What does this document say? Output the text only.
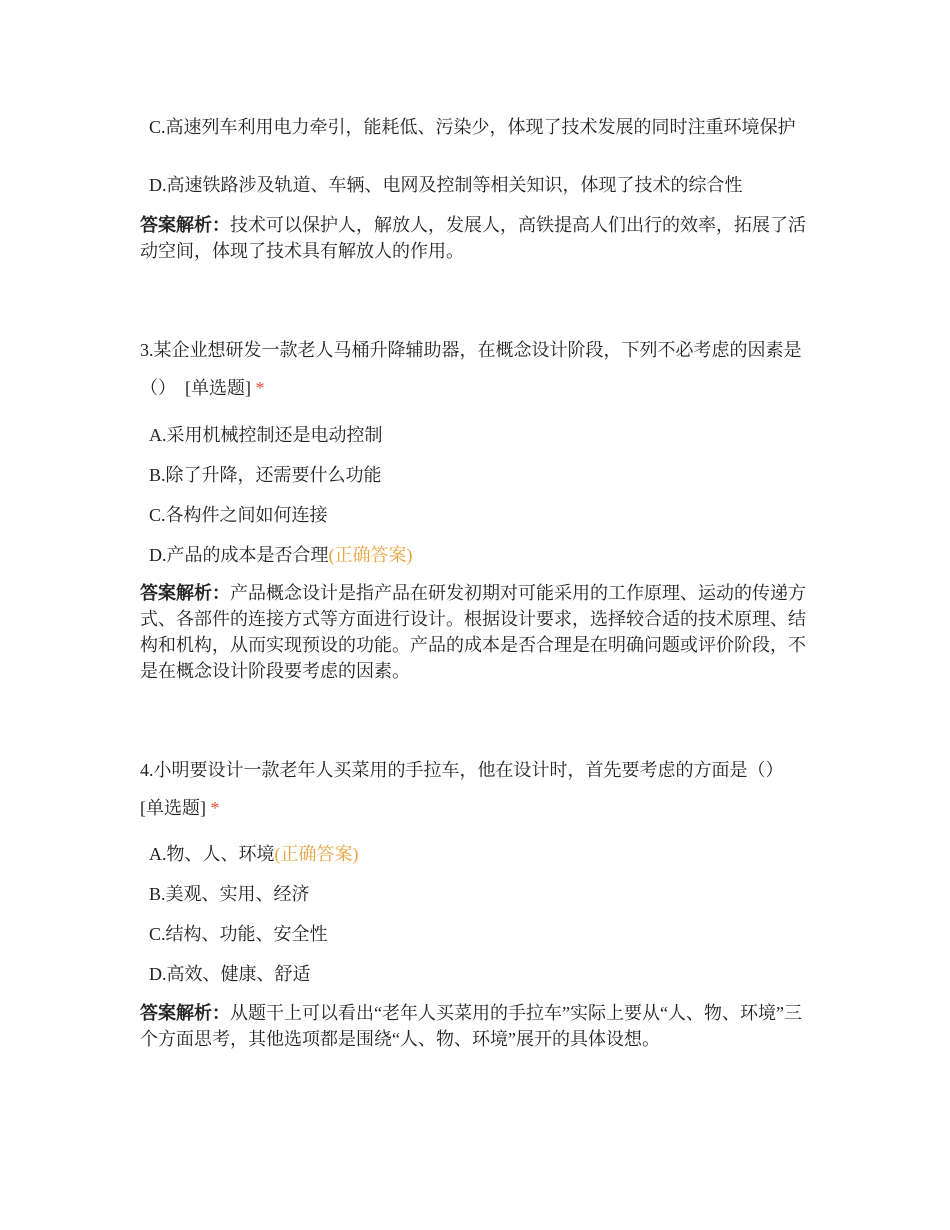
C.高速列车利用电力牵引，能耗低、污染少，体现了技术发展的同时注重环境保护
D.高速铁路涉及轨道、车辆、电网及控制等相关知识，体现了技术的综合性
答案解析：技术可以保护人，解放人，发展人，高铁提高人们出行的效率，拓展了活动空间，体现了技术具有解放人的作用。
3.某企业想研发一款老人马桶升降辅助器，在概念设计阶段，下列不必考虑的因素是（） [单选题] *
A.采用机械控制还是电动控制
B.除了升降，还需要什么功能
C.各构件之间如何连接
D.产品的成本是否合理(正确答案)
答案解析：产品概念设计是指产品在研发初期对可能采用的工作原理、运动的传递方式、各部件的连接方式等方面进行设计。根据设计要求，选择较合适的技术原理、结构和机构，从而实现预设的功能。产品的成本是否合理是在明确问题或评价阶段，不是在概念设计阶段要考虑的因素。
4.小明要设计一款老年人买菜用的手拉车，他在设计时，首先要考虑的方面是（）
[单选题] *
A.物、人、环境(正确答案)
B.美观、实用、经济
C.结构、功能、安全性
D.高效、健康、舒适
答案解析：从题干上可以看出“老年人买菜用的手拉车”实际上要从“人、物、环境”三个方面思考，其他选项都是围绕“人、物、环境”展开的具体设想。
